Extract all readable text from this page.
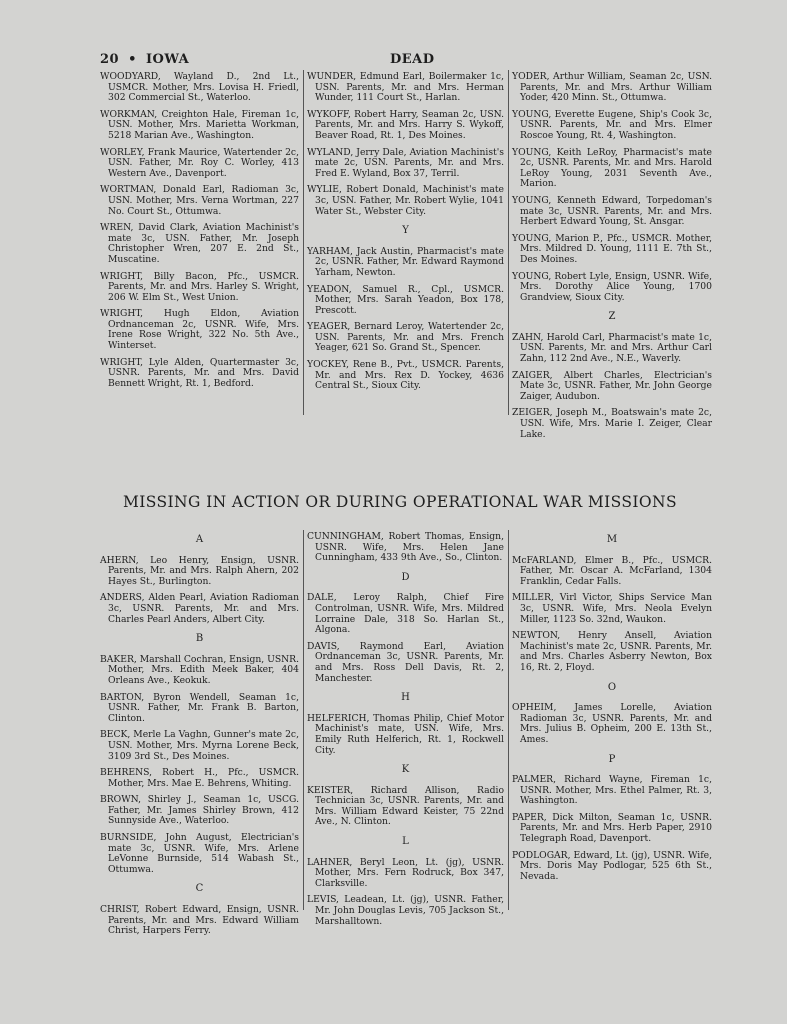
20 • IOWA	DEAD
WOODYARD, Wayland D., 2nd Lt., USMCR. Mother, Mrs. Lovisa H. Friedl, 302 Commercial St., Waterloo.
WORKMAN, Creighton Hale, Fireman 1c, USN. Mother, Mrs. Marietta Workman, 5218 Marian Ave., Washington.
WORLEY, Frank Maurice, Watertender 2c, USN. Father, Mr. Roy C. Worley, 413 Western Ave., Davenport.
WORTMAN, Donald Earl, Radioman 3c, USN. Mother, Mrs. Verna Wortman, 227 No. Court St., Ottumwa.
WREN, David Clark, Aviation Machinist's mate 3c, USN. Father, Mr. Joseph Christopher Wren, 207 E. 2nd St., Muscatine.
WRIGHT, Billy Bacon, Pfc., USMCR. Parents, Mr. and Mrs. Harley S. Wright, 206 W. Elm St., West Union.
WRIGHT, Hugh Eldon, Aviation Ordnanceman 2c, USNR. Wife, Mrs. Irene Rose Wright, 322 No. 5th Ave., Winterset.
WRIGHT, Lyle Alden, Quartermaster 3c, USNR. Parents, Mr. and Mrs. David Bennett Wright, Rt. 1, Bedford.
WUNDER, Edmund Earl, Boilermaker 1c, USN. Parents, Mr. and Mrs. Herman Wunder, 111 Court St., Harlan.
WYKOFF, Robert Harry, Seaman 2c, USN. Parents, Mr. and Mrs. Harry S. Wykoff, Beaver Road, Rt. 1, Des Moines.
WYLAND, Jerry Dale, Aviation Machinist's mate 2c, USN. Parents, Mr. and Mrs. Fred E. Wyland, Box 37, Terril.
WYLIE, Robert Donald, Machinist's mate 3c, USN. Father, Mr. Robert Wylie, 1041 Water St., Webster City.
Y
YARHAM, Jack Austin, Pharmacist's mate 2c, USNR. Father, Mr. Edward Raymond Yarham, Newton.
YEADON, Samuel R., Cpl., USMCR. Mother, Mrs. Sarah Yeadon, Box 178, Prescott.
YEAGER, Bernard Leroy, Watertender 2c, USN. Parents, Mr. and Mrs. French Yeager, 621 So. Grand St., Spencer.
YOCKEY, Rene B., Pvt., USMCR. Parents, Mr. and Mrs. Rex D. Yockey, 4636 Central St., Sioux City.
YODER, Arthur William, Seaman 2c, USN. Parents, Mr. and Mrs. Arthur William Yoder, 420 Minn. St., Ottumwa.
YOUNG, Everette Eugene, Ship's Cook 3c, USNR. Parents, Mr. and Mrs. Elmer Roscoe Young, Rt. 4, Washington.
YOUNG, Keith LeRoy, Pharmacist's mate 2c, USNR. Parents, Mr. and Mrs. Harold LeRoy Young, 2031 Seventh Ave., Marion.
YOUNG, Kenneth Edward, Torpedoman's mate 3c, USNR. Parents, Mr. and Mrs. Herbert Edward Young, St. Ansgar.
YOUNG, Marion P., Pfc., USMCR. Mother, Mrs. Mildred D. Young, 1111 E. 7th St., Des Moines.
YOUNG, Robert Lyle, Ensign, USNR. Wife, Mrs. Dorothy Alice Young, 1700 Grandview, Sioux City.
Z
ZAHN, Harold Carl, Pharmacist's mate 1c, USN. Parents, Mr. and Mrs. Arthur Carl Zahn, 112 2nd Ave., N.E., Waverly.
ZAIGER, Albert Charles, Electrician's Mate 3c, USNR. Father, Mr. John George Zaiger, Audubon.
ZEIGER, Joseph M., Boatswain's mate 2c, USN. Wife, Mrs. Marie I. Zeiger, Clear Lake.
MISSING IN ACTION OR DURING OPERATIONAL WAR MISSIONS
A
AHERN, Leo Henry, Ensign, USNR. Parents, Mr. and Mrs. Ralph Ahern, 202 Hayes St., Burlington.
ANDERS, Alden Pearl, Aviation Radioman 3c, USNR. Parents, Mr. and Mrs. Charles Pearl Anders, Albert City.
B
BAKER, Marshall Cochran, Ensign, USNR. Mother, Mrs. Edith Meek Baker, 404 Orleans Ave., Keokuk.
BARTON, Byron Wendell, Seaman 1c, USNR. Father, Mr. Frank B. Barton, Clinton.
BECK, Merle La Vaghn, Gunner's mate 2c, USN. Mother, Mrs. Myrna Lorene Beck, 3109 3rd St., Des Moines.
BEHRENS, Robert H., Pfc., USMCR. Mother, Mrs. Mae E. Behrens, Whiting.
BROWN, Shirley J., Seaman 1c, USCG. Father, Mr. James Shirley Brown, 412 Sunnyside Ave., Waterloo.
BURNSIDE, John August, Electrician's mate 3c, USNR. Wife, Mrs. Arlene LeVonne Burnside, 514 Wabash St., Ottumwa.
C
CHRIST, Robert Edward, Ensign, USNR. Parents, Mr. and Mrs. Edward William Christ, Harpers Ferry.
CUNNINGHAM, Robert Thomas, Ensign, USNR. Wife, Mrs. Helen Jane Cunningham, 433 9th Ave., So., Clinton.
D
DALE, Leroy Ralph, Chief Fire Controlman, USNR. Wife, Mrs. Mildred Lorraine Dale, 318 So. Harlan St., Algona.
DAVIS, Raymond Earl, Aviation Ordnanceman 3c, USNR. Parents, Mr. and Mrs. Ross Dell Davis, Rt. 2, Manchester.
H
HELFERICH, Thomas Philip, Chief Motor Machinist's mate, USN. Wife, Mrs. Emily Ruth Helferich, Rt. 1, Rockwell City.
K
KEISTER, Richard Allison, Radio Technician 3c, USNR. Parents, Mr. and Mrs. William Edward Keister, 75 22nd Ave., N. Clinton.
L
LAHNER, Beryl Leon, Lt. (jg), USNR. Mother, Mrs. Fern Rodruck, Box 347, Clarksville.
LEVIS, Leadean, Lt. (jg), USNR. Father, Mr. John Douglas Levis, 705 Jackson St., Marshalltown.
M
McFARLAND, Elmer B., Pfc., USMCR. Father, Mr. Oscar A. McFarland, 1304 Franklin, Cedar Falls.
MILLER, Virl Victor, Ships Service Man 3c, USNR. Wife, Mrs. Neola Evelyn Miller, 1123 So. 32nd, Waukon.
NEWTON, Henry Ansell, Aviation Machinist's mate 2c, USNR. Parents, Mr. and Mrs. Charles Asberry Newton, Box 16, Rt. 2, Floyd.
O
OPHEIM, James Lorelle, Aviation Radioman 3c, USNR. Parents, Mr. and Mrs. Julius B. Opheim, 200 E. 13th St., Ames.
P
PALMER, Richard Wayne, Fireman 1c, USNR. Mother, Mrs. Ethel Palmer, Rt. 3, Washington.
PAPER, Dick Milton, Seaman 1c, USNR. Parents, Mr. and Mrs. Herb Paper, 2910 Telegraph Road, Davenport.
PODLOGAR, Edward, Lt. (jg), USNR. Wife, Mrs. Doris May Podlogar, 525 6th St., Nevada.
